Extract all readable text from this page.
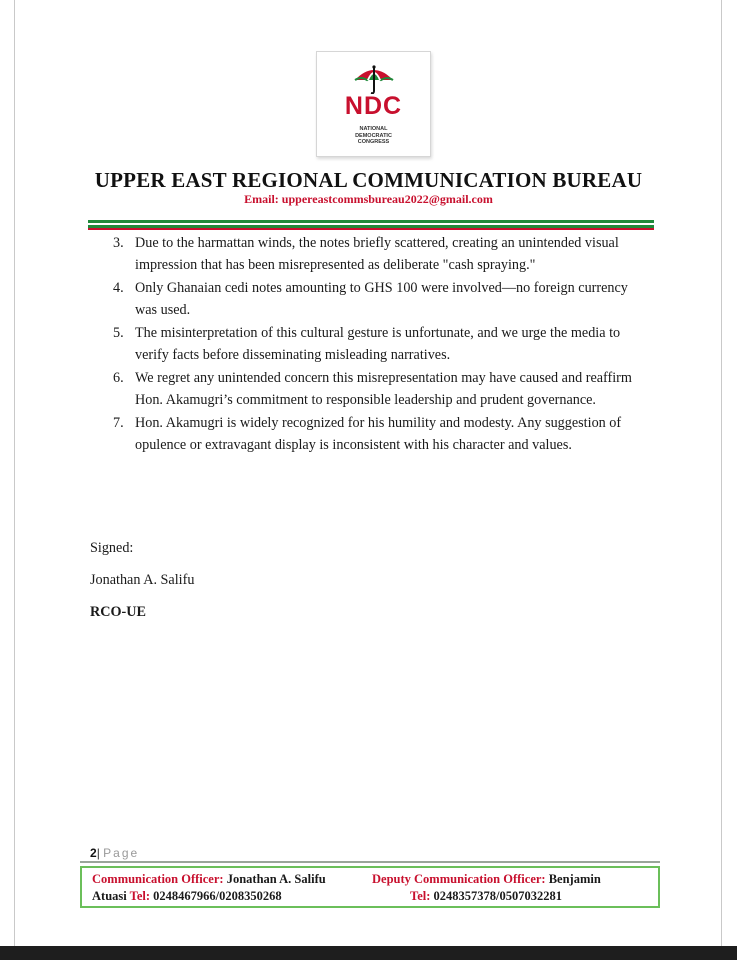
NDC
NATIONAL
DEMOCRATIC
CONGRESS
UPPER EAST REGIONAL COMMUNICATION BUREAU
Email: uppereastcommsbureau2022@gmail.com
3. Due to the harmattan winds, the notes briefly scattered, creating an unintended visual impression that has been misrepresented as deliberate "cash spraying."
4. Only Ghanaian cedi notes amounting to GHS 100 were involved—no foreign currency was used.
5. The misinterpretation of this cultural gesture is unfortunate, and we urge the media to verify facts before disseminating misleading narratives.
6. We regret any unintended concern this misrepresentation may have caused and reaffirm Hon. Akamugri’s commitment to responsible leadership and prudent governance.
7. Hon. Akamugri is widely recognized for his humility and modesty. Any suggestion of opulence or extravagant display is inconsistent with his character and values.
Signed:
Jonathan A. Salifu
RCO-UE
2| Page
Communication Officer: Jonathan A. Salifu
Atuasi Tel: 0248467966/0208350268
Deputy Communication Officer: Benjamin
Tel: 0248357378/0507032281
